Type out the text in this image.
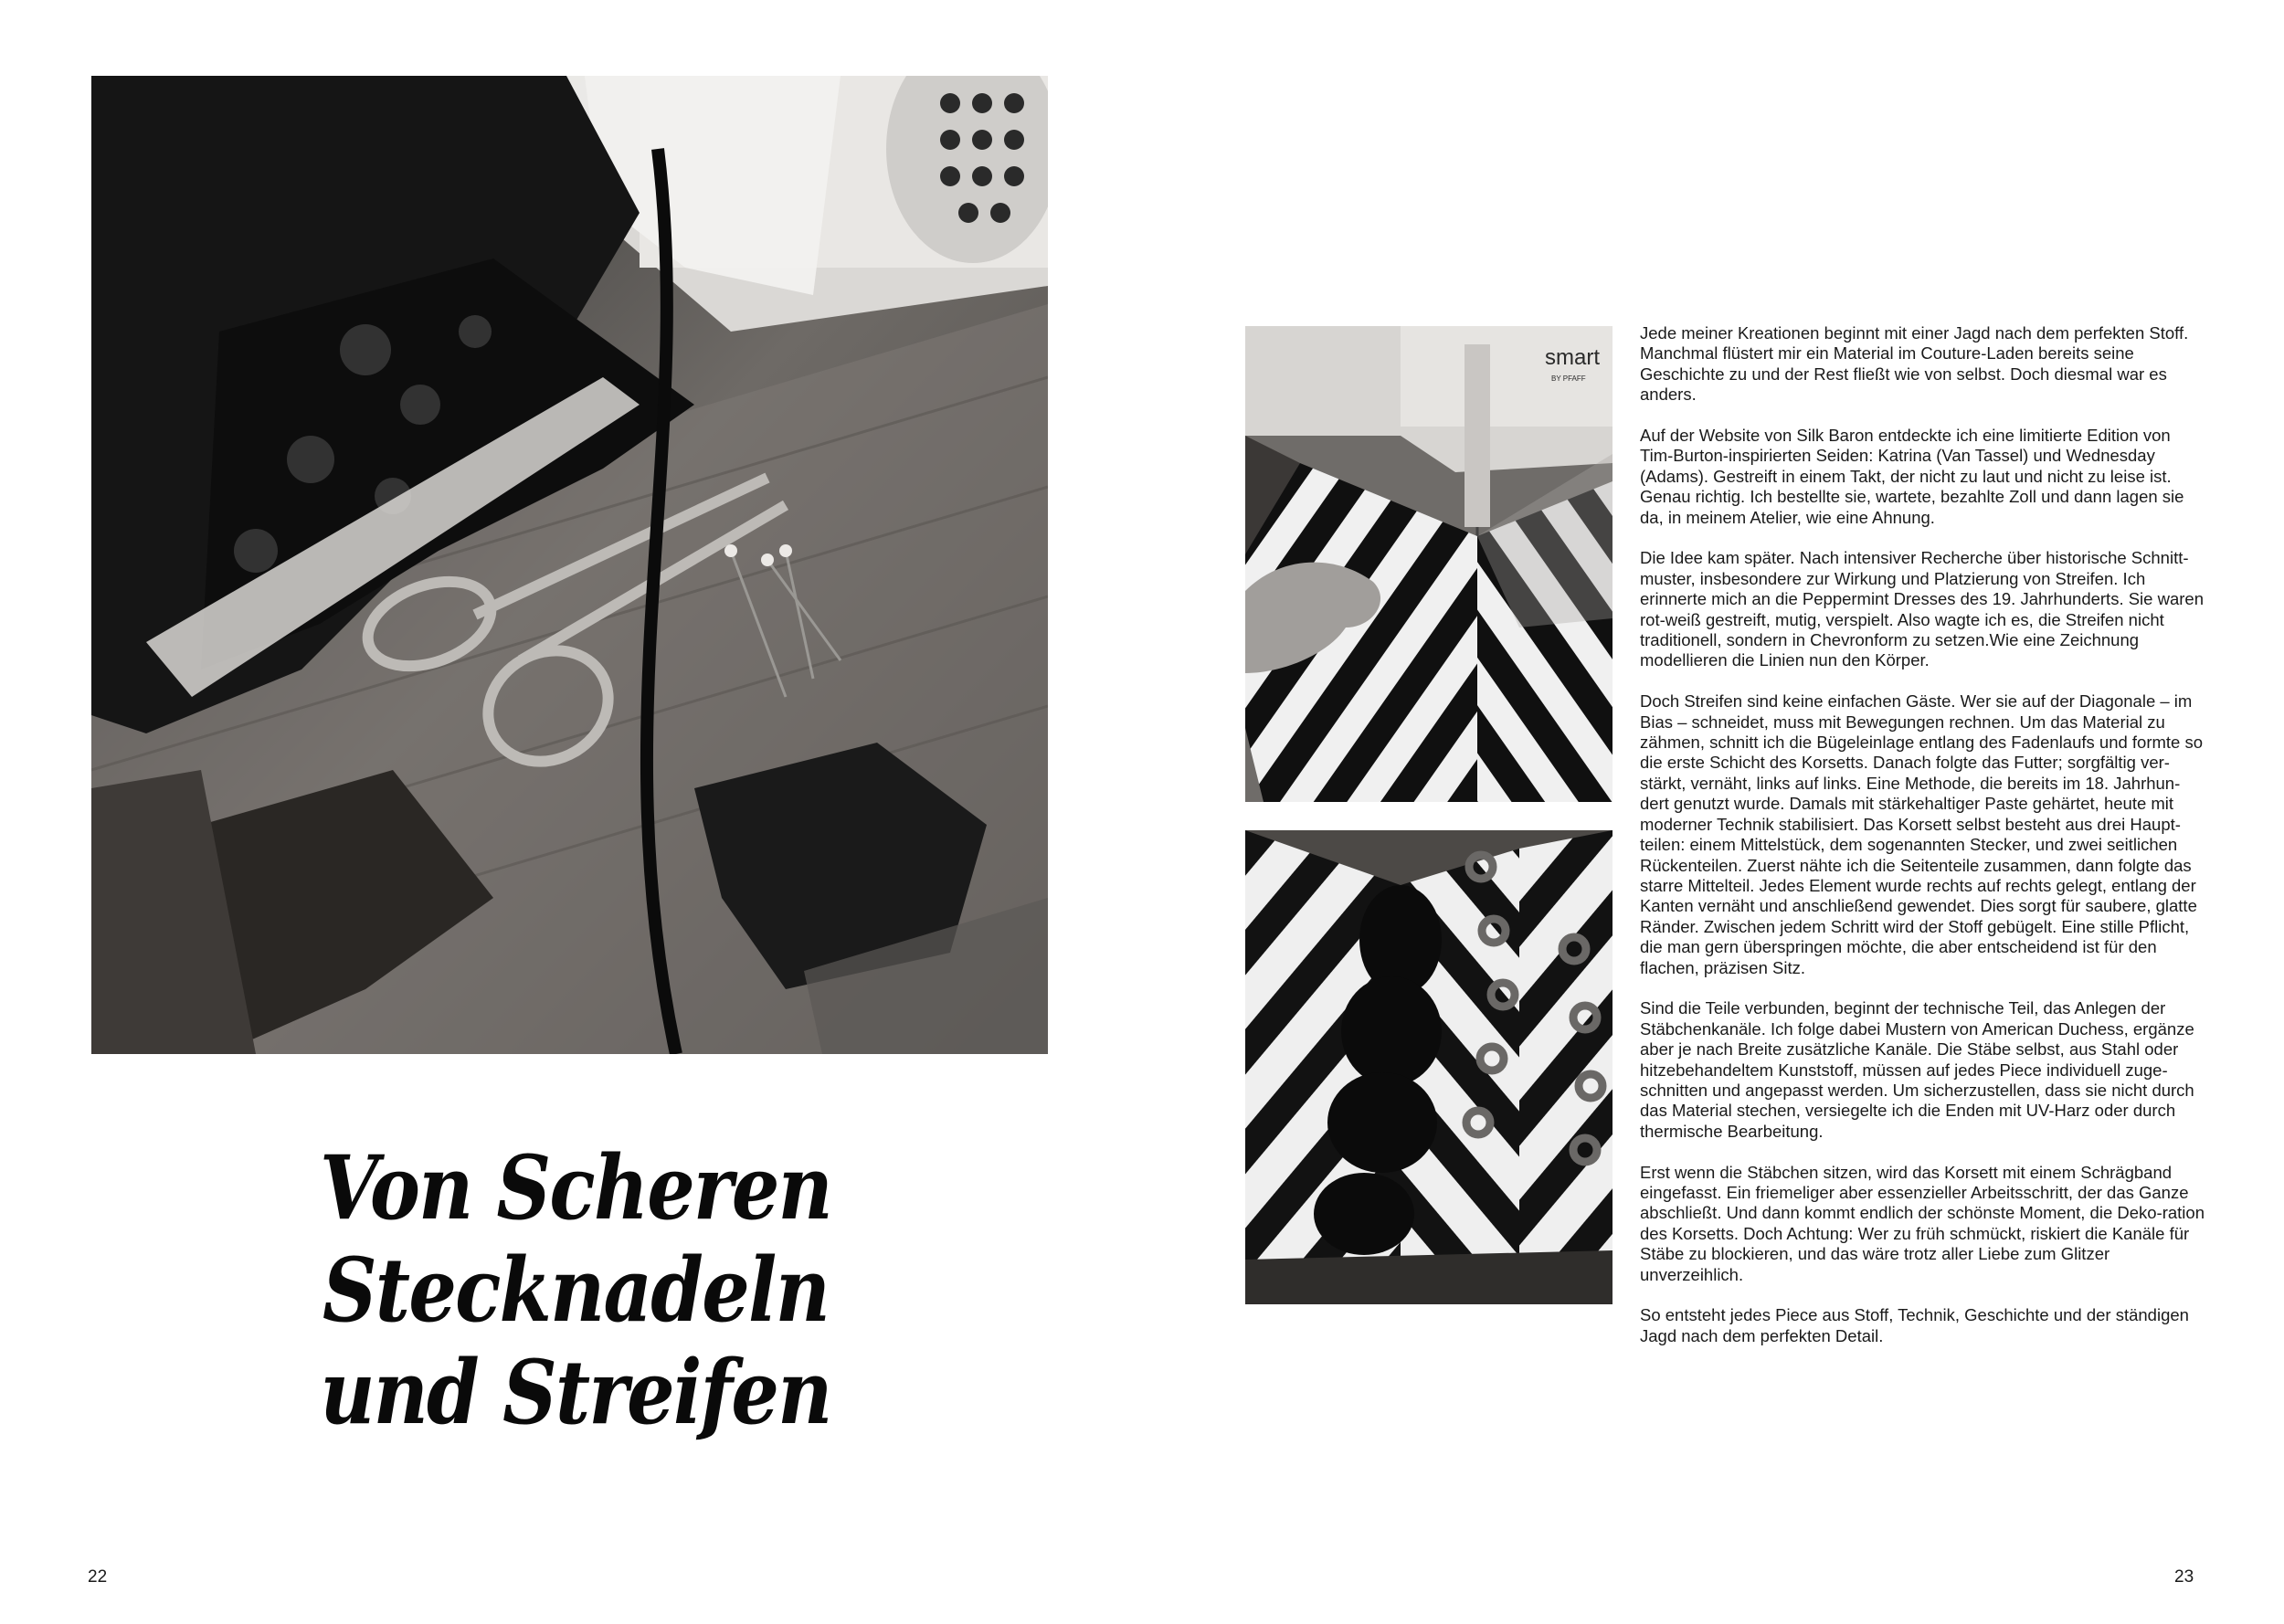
Von Scheren
Stecknadeln
und Streifen
22
smart
BY PFAFF

Jede meiner Kreationen beginnt mit einer Jagd nach dem perfekten Stoff. Manchmal flüstert mir ein Material im Couture-Laden bereits seine Geschichte zu und der Rest fließt wie von selbst. Doch diesmal war es anders.

Auf der Website von Silk Baron entdeckte ich eine limitierte Edition von Tim-Burton-inspirierten Seiden: Katrina (Van Tassel) und Wednesday (Adams). Gestreift in einem Takt, der nicht zu laut und nicht zu leise ist. Genau richtig. Ich bestellte sie, wartete, bezahlte Zoll und dann lagen sie da, in meinem Atelier, wie eine Ahnung.

Die Idee kam später. Nach intensiver Recherche über historische Schnitt-muster, insbesondere zur Wirkung und Platzierung von Streifen. Ich erinnerte mich an die Peppermint Dresses des 19. Jahrhunderts. Sie waren rot-weiß gestreift, mutig, verspielt. Also wagte ich es, die Streifen nicht traditionell, sondern in Chevronform zu setzen.Wie eine Zeichnung modellieren die Linien nun den Körper.

Doch Streifen sind keine einfachen Gäste. Wer sie auf der Diagonale – im Bias – schneidet, muss mit Bewegungen rechnen. Um das Material zu zähmen, schnitt ich die Bügeleinlage entlang des Fadenlaufs und formte so die erste Schicht des Korsetts. Danach folgte das Futter; sorgfältig ver-stärkt, vernäht, links auf links. Eine Methode, die bereits im 18. Jahrhun-dert genutzt wurde. Damals mit stärkehaltiger Paste gehärtet, heute mit moderner Technik stabilisiert. Das Korsett selbst besteht aus drei Haupt-teilen: einem Mittelstück, dem sogenannten Stecker, und zwei seitlichen Rückenteilen. Zuerst nähte ich die Seitenteile zusammen, dann folgte das starre Mittelteil. Jedes Element wurde rechts auf rechts gelegt, entlang der Kanten vernäht und anschließend gewendet. Dies sorgt für saubere, glatte Ränder. Zwischen jedem Schritt wird der Stoff gebügelt. Eine stille Pflicht, die man gern überspringen möchte, die aber entscheidend ist für den flachen, präzisen Sitz.

Sind die Teile verbunden, beginnt der technische Teil, das Anlegen der Stäbchenkanäle. Ich folge dabei Mustern von American Duchess, ergänze aber je nach Breite zusätzliche Kanäle. Die Stäbe selbst, aus Stahl oder hitzebehandeltem Kunststoff, müssen auf jedes Piece individuell zuge-schnitten und angepasst werden. Um sicherzustellen, dass sie nicht durch das Material stechen, versiegelte ich die Enden mit UV-Harz oder durch thermische Bearbeitung.

Erst wenn die Stäbchen sitzen, wird das Korsett mit einem Schrägband eingefasst. Ein friemeliger aber essenzieller Arbeitsschritt, der das Ganze abschließt. Und dann kommt endlich der schönste Moment, die Deko-ration des Korsetts. Doch Achtung: Wer zu früh schmückt, riskiert die Kanäle für Stäbe zu blockieren, und das wäre trotz aller Liebe zum Glitzer unverzeihlich.

So entsteht jedes Piece aus Stoff, Technik, Geschichte und der ständigen Jagd nach dem perfekten Detail.

23
